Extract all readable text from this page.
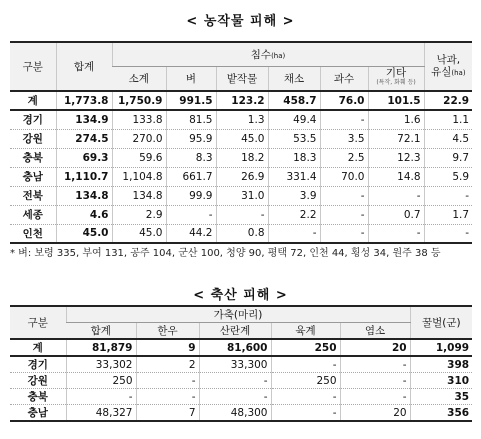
< 농작물 피해 >
구분	합계	침수(ha)						낙과,
유실(ha)

		소계	벼	밭작물	채소	과수	기타
(특작, 화훼 등)	

계	1,773.8	1,750.9	991.5	123.2	458.7	76.0	101.5	22.9
경기	134.9	133.8	81.5	1.3	49.4	-	1.6	1.1
강원	274.5	270.0	95.9	45.0	53.5	3.5	72.1	4.5
충북	69.3	59.6	8.3	18.2	18.3	2.5	12.3	9.7
충남	1,110.7	1,104.8	661.7	26.9	331.4	70.0	14.8	5.9
전북	134.8	134.8	99.9	31.0	3.9	-	-	-
세종	4.6	2.9	-	-	2.2	-	0.7	1.7
인천	45.0	45.0	44.2	0.8	-	-	-	-
* 벼: 보령 335, 부여 131, 공주 104, 군산 100, 청양 90, 평택 72, 인천 44, 횡성 34, 원주 38 등
< 축산 피해 >
구분	가축(마리)					꿀벌(군)
	합계	한우	산란계	육계	염소	
계	81,879	9	81,600	250	20	1,099
경기	33,302	2	33,300	-	-	398
강원	250	-	-	250	-	310
충북	-	-	-	-	-	35
충남	48,327	7	48,300	-	20	356
